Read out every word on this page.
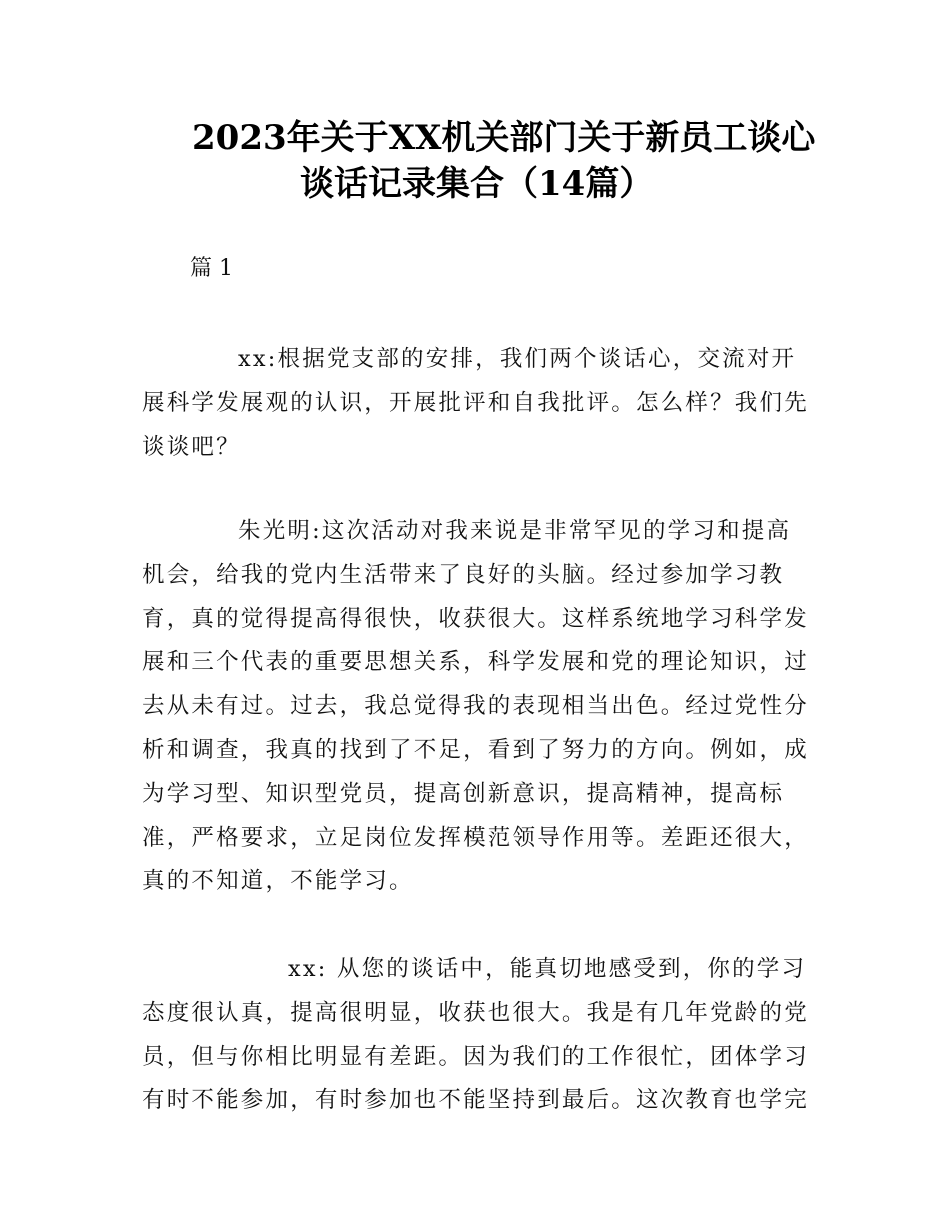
2023年关于XX机关部门关于新员工谈心
谈话记录集合（14篇）
篇 1

xx:根据党支部的安排，我们两个谈话心，交流对开
展科学发展观的认识，开展批评和自我批评。怎么样？我们先
谈谈吧？

朱光明:这次活动对我来说是非常罕见的学习和提高
机会，给我的党内生活带来了良好的头脑。经过参加学习教
育，真的觉得提高得很快，收获很大。这样系统地学习科学发
展和三个代表的重要思想关系，科学发展和党的理论知识，过
去从未有过。过去，我总觉得我的表现相当出色。经过党性分
析和调查，我真的找到了不足，看到了努力的方向。例如，成
为学习型、知识型党员，提高创新意识，提高精神，提高标
准，严格要求，立足岗位发挥模范领导作用等。差距还很大，
真的不知道，不能学习。

xx: 从您的谈话中，能真切地感受到，你的学习
态度很认真，提高很明显，收获也很大。我是有几年党龄的党
员，但与你相比明显有差距。因为我们的工作很忙，团体学习
有时不能参加，有时参加也不能坚持到最后。这次教育也学完
